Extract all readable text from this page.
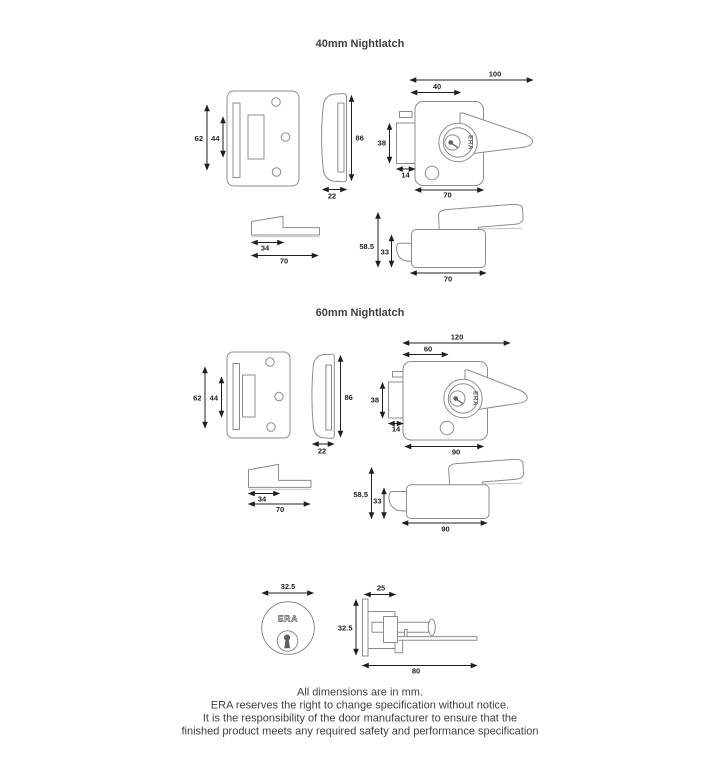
40mm Nightlatch
62 44	86
22
100
40
ERA
38
14
70
34
70
58.5
33
70
60mm Nightlatch
62 44	86
22
120
60
ERA
38
14
90
34
70
58.5
33
90
ERA
32.5	25
32.5
80
All dimensions are in mm.
ERA reserves the right to change specification without notice.
It is the responsibility of the door manufacturer to ensure that the
finished product meets any required safety and performance specification
